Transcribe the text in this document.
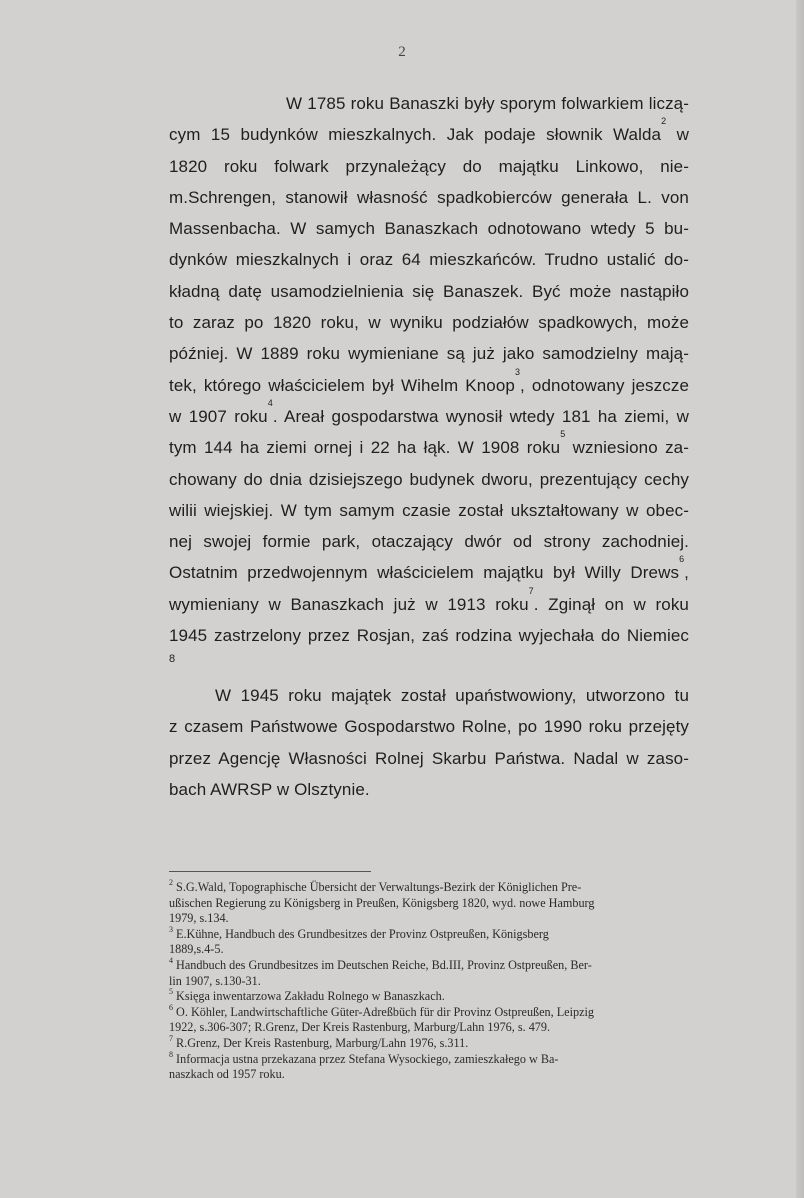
2
W 1785 roku Banaszki były sporym folwarkiem liczą-
cym 15 budynków mieszkalnych. Jak podaje słownik Walda$^2$ w
1820 roku folwark przynależący do majątku Linkowo, nie-
m.Schrengen, stanowił własność spadkobierców generała L. von
Massenbacha. W samych Banaszkach odnotowano wtedy 5 bu-
dynków mieszkalnych i oraz 64 mieszkańców. Trudno ustalić do-
kładną datę usamodzielnienia się Banaszek. Być może nastąpiło
to zaraz po 1820 roku, w wyniku podziałów spadkowych, może
później. W 1889 roku wymieniane są już jako samodzielny mają-
tek, którego właścicielem był Wihelm Knoop$^3$, odnotowany jeszcze
w 1907 roku$^4$. Areał gospodarstwa wynosił wtedy 181 ha ziemi, w
tym 144 ha ziemi ornej i 22 ha łąk. W 1908 roku$^5$ wzniesiono za-
chowany do dnia dzisiejszego budynek dworu, prezentujący cechy
wilii wiejskiej. W tym samym czasie został ukształtowany w obec-
nej swojej formie park, otaczający dwór od strony zachodniej.
Ostatnim przedwojennym właścicielem majątku był Willy Drews$^6$,
wymieniany w Banaszkach już w 1913 roku$^7$. Zginął on w roku
1945 zastrzelony przez Rosjan, zaś rodzina wyjechała do Niemiec
8
W 1945 roku majątek został upaństwowiony, utworzono tu
z czasem Państwowe Gospodarstwo Rolne, po 1990 roku przejęty
przez Agencję Własności Rolnej Skarbu Państwa. Nadal w zaso-
bach AWRSP w Olsztynie.
$^2$ S.G.Wald, Topographische Übersicht der Verwaltungs-Bezirk der Königlichen Pre-
ußischen Regierung zu Königsberg in Preußen, Königsberg 1820, wyd. nowe Hamburg
1979, s.134.
$^3$ E.Kühne, Handbuch des Grundbesitzes der Provinz Ostpreußen, Königsberg
1889,s.4-5.
$^4$ Handbuch des Grundbesitzes im Deutschen Reiche, Bd.III, Provinz Ostpreußen, Ber-
lin 1907, s.130-31.
$^5$ Księga inwentarzowa Zakładu Rolnego w Banaszkach.
$^6$ O. Köhler, Landwirtschaftliche Güter-Adreßbüch für dir Provinz Ostpreußen, Leipzig
1922, s.306-307; R.Grenz, Der Kreis Rastenburg, Marburg/Lahn 1976, s. 479.
$^7$ R.Grenz, Der Kreis Rastenburg, Marburg/Lahn 1976, s.311.
$^8$ Informacja ustna przekazana przez Stefana Wysockiego, zamieszkałego w Ba-
naszkach od 1957 roku.
